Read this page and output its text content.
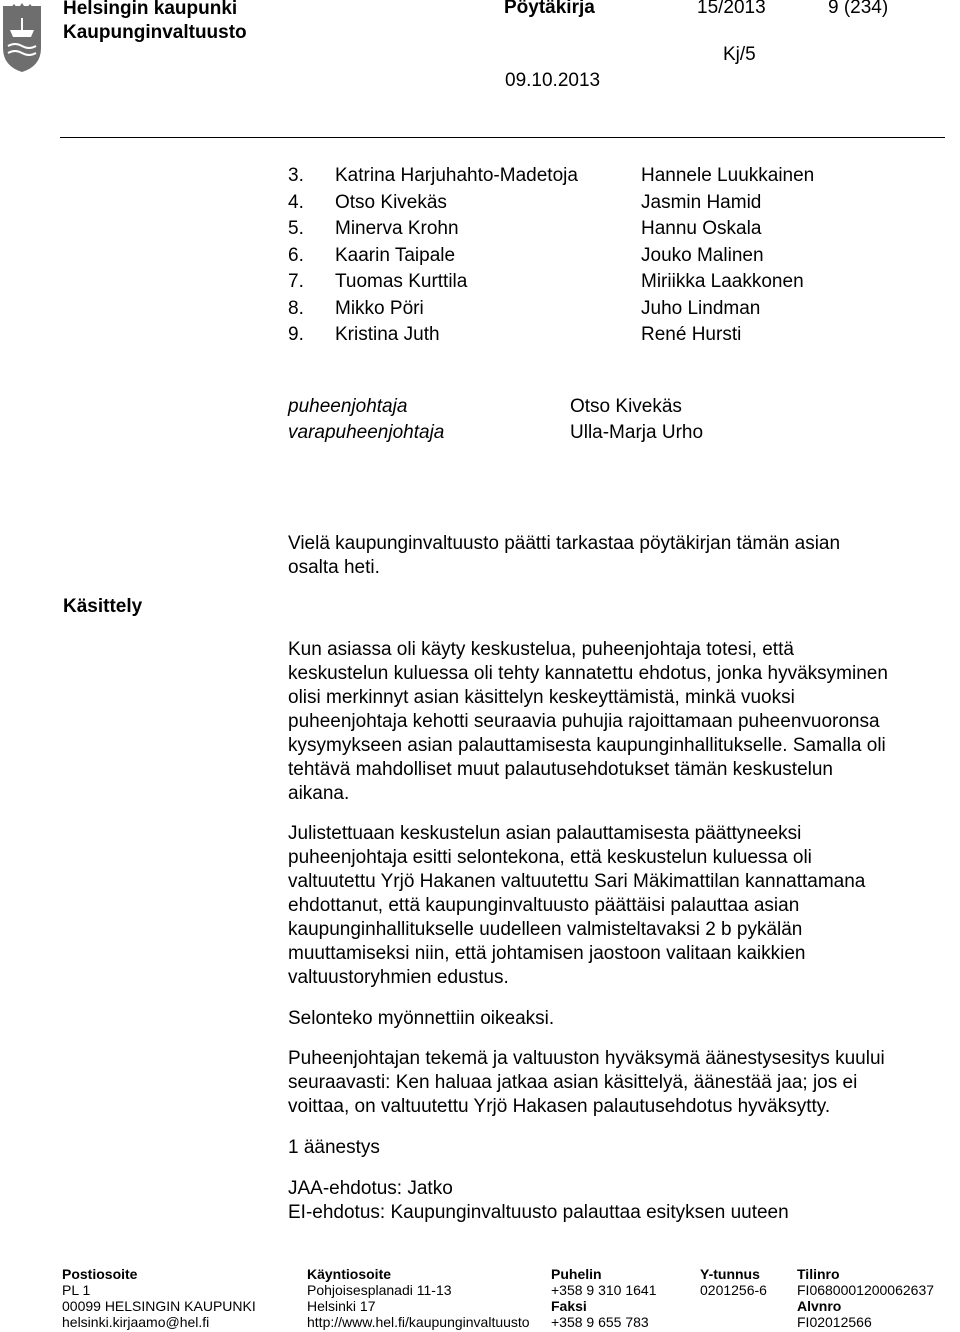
Helsingin kaupunki
Kaupunginvaltuusto
Pöytäkirja	15/2013	9 (234)
Kj/5
09.10.2013
3. Katrina Harjuhahto-Madetoja	Hannele Luukkainen
4. Otso Kivekäs	Jasmin Hamid
5. Minerva Krohn	Hannu Oskala
6. Kaarin Taipale	Jouko Malinen
7. Tuomas Kurttila	Miriikka Laakkonen
8. Mikko Pöri	Juho Lindman
9. Kristina Juth	René Hursti
puheenjohtaja	Otso Kivekäs
varapuheenjohtaja	Ulla-Marja Urho
Käsittely
Vielä kaupunginvaltuusto päätti tarkastaa pöytäkirjan tämän asian
osalta heti.
Kun asiassa oli käyty keskustelua, puheenjohtaja totesi, että
keskustelun kuluessa oli tehty kannatettu ehdotus, jonka hyväksyminen
olisi merkinnyt asian käsittelyn keskeyttämistä, minkä vuoksi
puheenjohtaja kehotti seuraavia puhujia rajoittamaan puheenvuoronsa
kysymykseen asian palauttamisesta kaupunginhallitukselle. Samalla oli
tehtävä mahdolliset muut palautusehdotukset tämän keskustelun
aikana.
Julistettuaan keskustelun asian palauttamisesta päättyneeksi
puheenjohtaja esitti selontekona, että keskustelun kuluessa oli
valtuutettu Yrjö Hakanen valtuutettu Sari Mäkimattilan kannattamana
ehdottanut, että kaupunginvaltuusto päättäisi palauttaa asian
kaupunginhallitukselle uudelleen valmisteltavaksi 2 b pykälän
muuttamiseksi niin, että johtamisen jaostoon valitaan kaikkien
valtuustoryhmien edustus.
Selonteko myönnettiin oikeaksi.
Puheenjohtajan tekemä ja valtuuston hyväksymä äänestysesitys kuului
seuraavasti: Ken haluaa jatkaa asian käsittelyä, äänestää jaa; jos ei
voittaa, on valtuutettu Yrjö Hakasen palautusehdotus hyväksytty.
1 äänestys
JAA-ehdotus: Jatko
EI-ehdotus: Kaupunginvaltuusto palauttaa esityksen uuteen
Postiosoite
PL 1
00099 HELSINGIN KAUPUNKI
helsinki.kirjaamo@hel.fi
Käyntiosoite
Pohjoisesplanadi 11-13
Helsinki 17
http://www.hel.fi/kaupunginvaltuusto
Puhelin
+358 9 310 1641
Faksi
+358 9 655 783
Y-tunnus
0201256-6
Tilinro
FI0680001200062637
Alvnro
FI02012566
